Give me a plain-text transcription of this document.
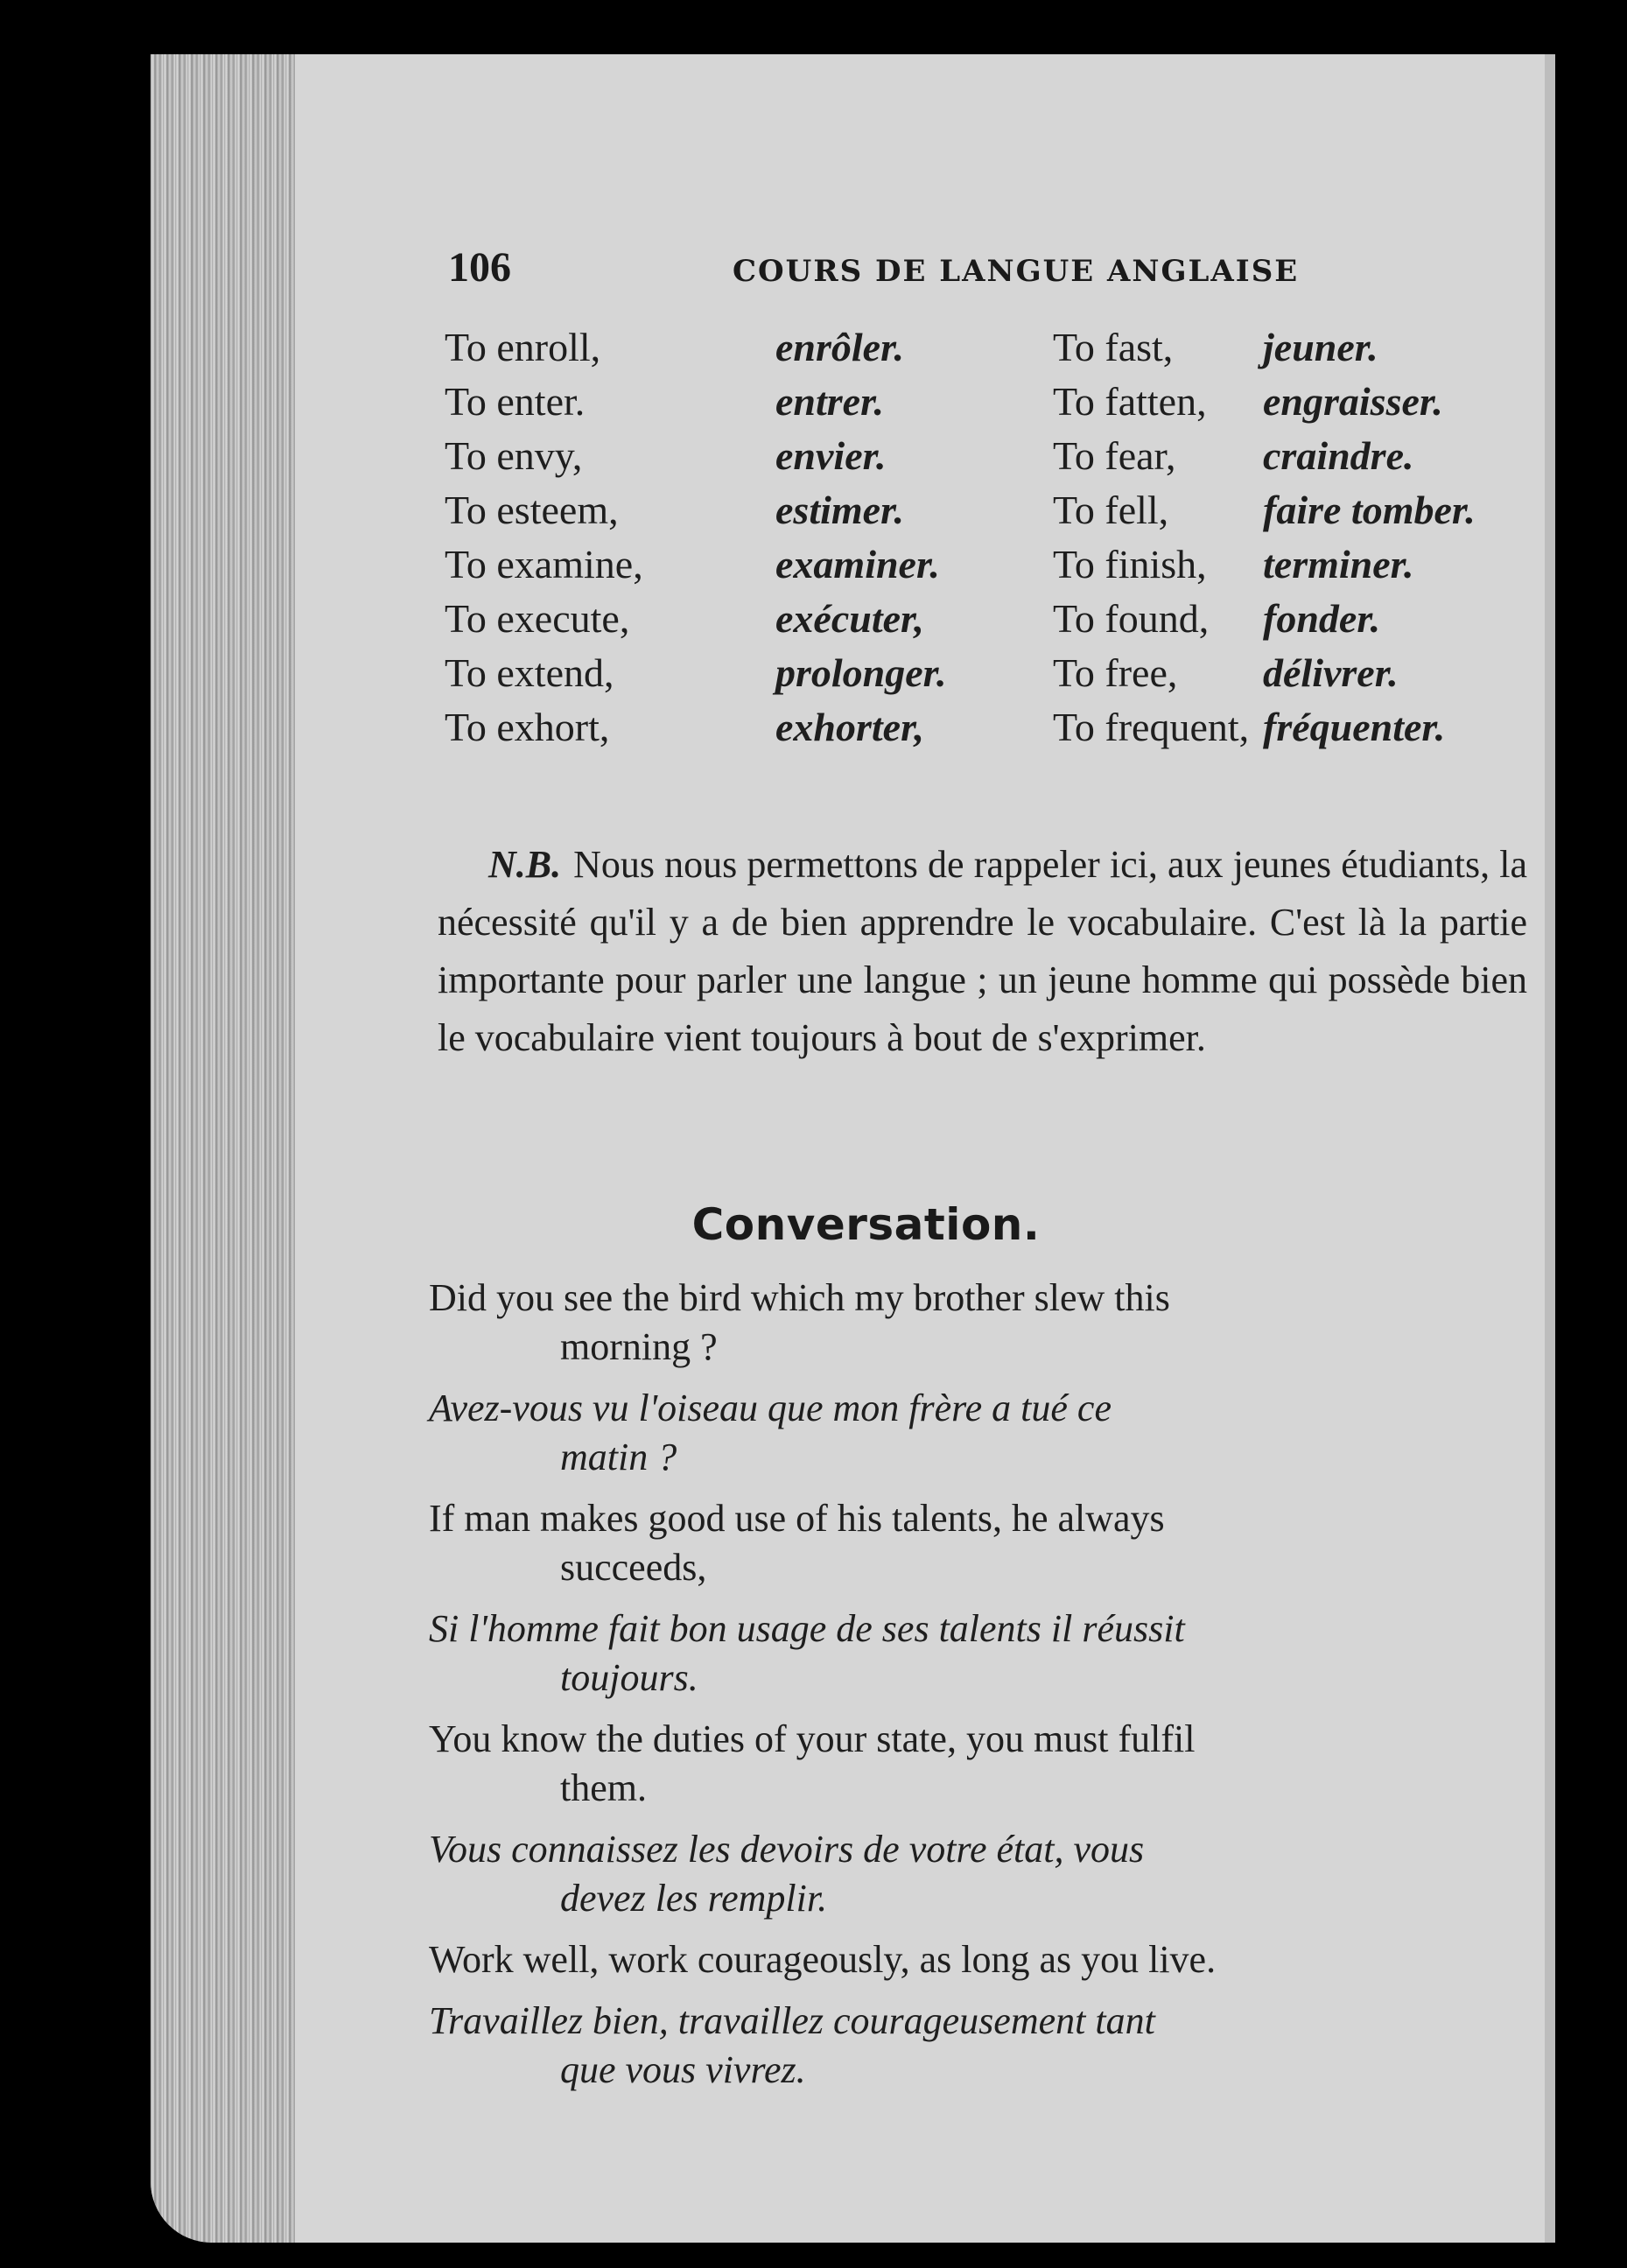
106	COURS DE LANGUE ANGLAISE
To enroll,	enrôler.	To fast, jeuner.
To enter.	entrer.	To fatten, engraisser.
To envy,	envier.	To fear, craindre.
To esteem,	estimer.	To fell, faire tomber.
To examine,	examiner.	To finish, terminer.
To execute,	exécuter,	To found, fonder.
To extend,	prolonger.	To free, délivrer.
To exhort,	exhorter,	To frequent, fréquenter.

N.B. Nous nous permettons de rappeler ici, aux jeunes étudiants, la nécessité qu'il y a de bien apprendre le vocabulaire. C'est là la partie importante pour parler une langue ; un jeune homme qui possède bien le vocabulaire vient toujours à bout de s'exprimer.

Conversation.
Did you see the bird which my brother slew this
morning ?
Avez-vous vu l'oiseau que mon frère a tué ce
matin ?
If man makes good use of his talents, he always
succeeds,
Si l'homme fait bon usage de ses talents il réussit
toujours.
You know the duties of your state, you must fulfil
them.
Vous connaissez les devoirs de votre état, vous
devez les remplir.
Work well, work courageously, as long as you live.
Travaillez bien, travaillez courageusement tant
que vous vivrez.
